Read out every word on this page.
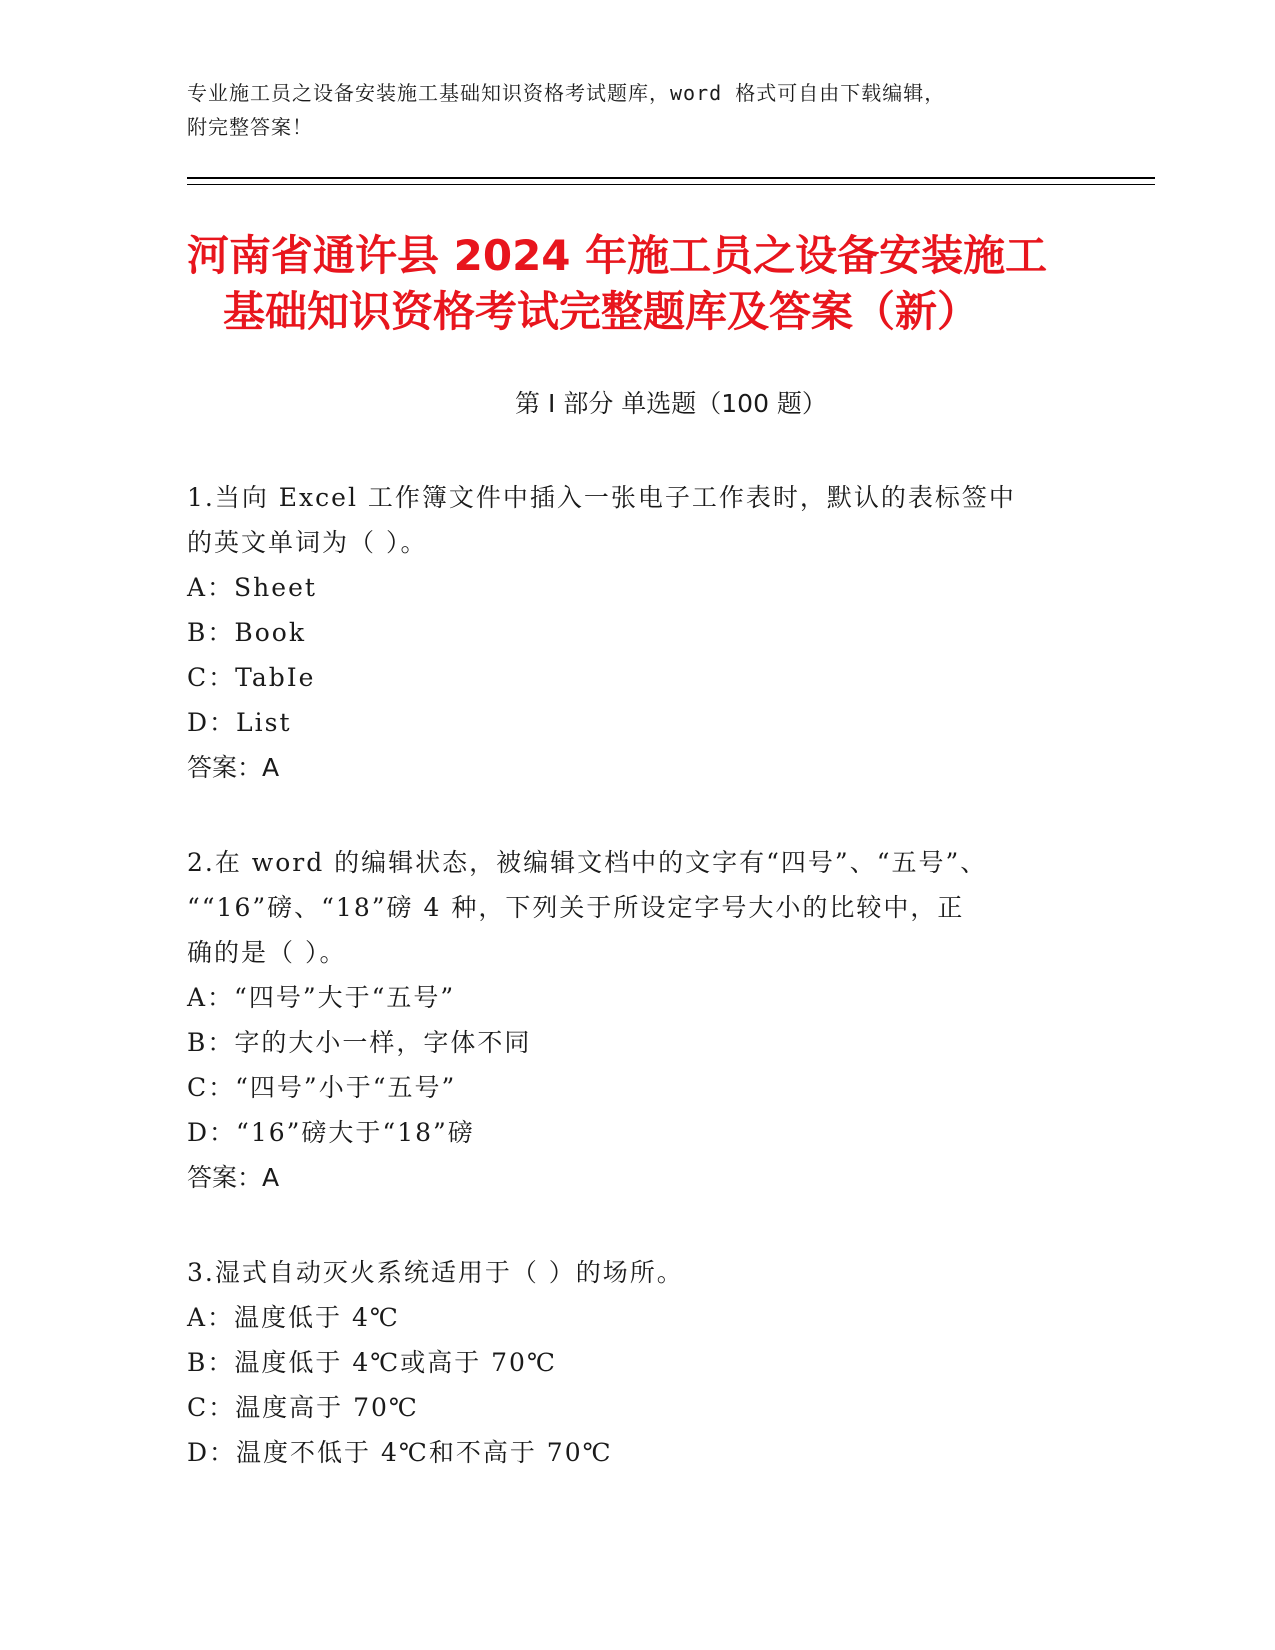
专业施工员之设备安装施工基础知识资格考试题库，word 格式可自由下载编辑，
附完整答案！
河南省通许县 2024 年施工员之设备安装施工
基础知识资格考试完整题库及答案（新）
第 I 部分 单选题（100 题）

1.当向 Excel 工作簿文件中插入一张电子工作表时，默认的表标签中

的英文单词为（ ）。

A：Sheet

B：Book

C：TabIe

D：List

答案：A

2.在 word 的编辑状态，被编辑文档中的文字有“四号”、“五号”、

““16”磅、“18”磅 4 种，下列关于所设定字号大小的比较中，正

确的是（ ）。

A：“四号”大于“五号”

B：字的大小一样，字体不同

C：“四号”小于“五号”

D：“16”磅大于“18”磅

答案：A

3.湿式自动灭火系统适用于（ ）的场所。

A：温度低于 4℃

B：温度低于 4℃或高于 70℃

C：温度高于 70℃

D：温度不低于 4℃和不高于 70℃
